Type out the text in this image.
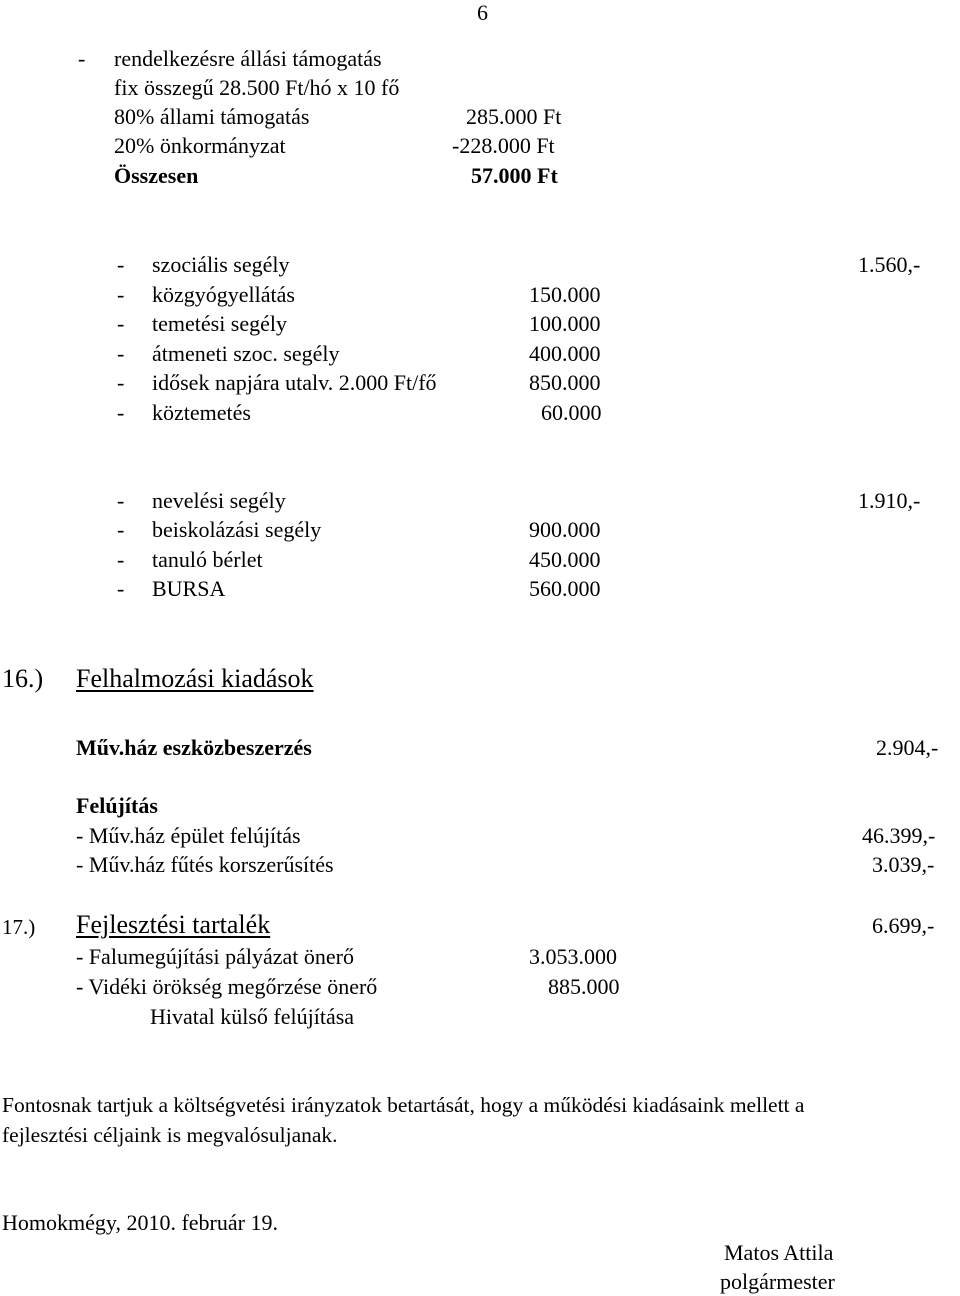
6
- rendelkezésre állási támogatás
fix összegű 28.500 Ft/hó x 10 fő
80% állami támogatás	285.000 Ft
20% önkormányzat	-228.000 Ft
Összesen	57.000 Ft
- szociális segély	1.560,-
- közgyógyellátás	150.000
- temetési segély	100.000
- átmeneti szoc. segély	400.000
- idősek napjára utalv. 2.000 Ft/fő	850.000
- köztemetés	60.000
- nevelési segély	1.910,-
- beiskolázási segély	900.000
- tanuló bérlet	450.000
- BURSA	560.000
16.) Felhalmozási kiadások
Műv.ház eszközbeszerzés	2.904,-
Felújítás
- Műv.ház épület felújítás	46.399,-
- Műv.ház fűtés korszerűsítés	3.039,-
17.) Fejlesztési tartalék	6.699,-
- Falumegújítási pályázat önerő	3.053.000
- Vidéki örökség megőrzése önerő	885.000
Hivatal külső felújítása
Fontosnak tartjuk a költségvetési irányzatok betartását, hogy a működési kiadásaink mellett a
fejlesztési céljaink is megvalósuljanak.
Homokmégy, 2010. február 19.
Matos Attila
polgármester
